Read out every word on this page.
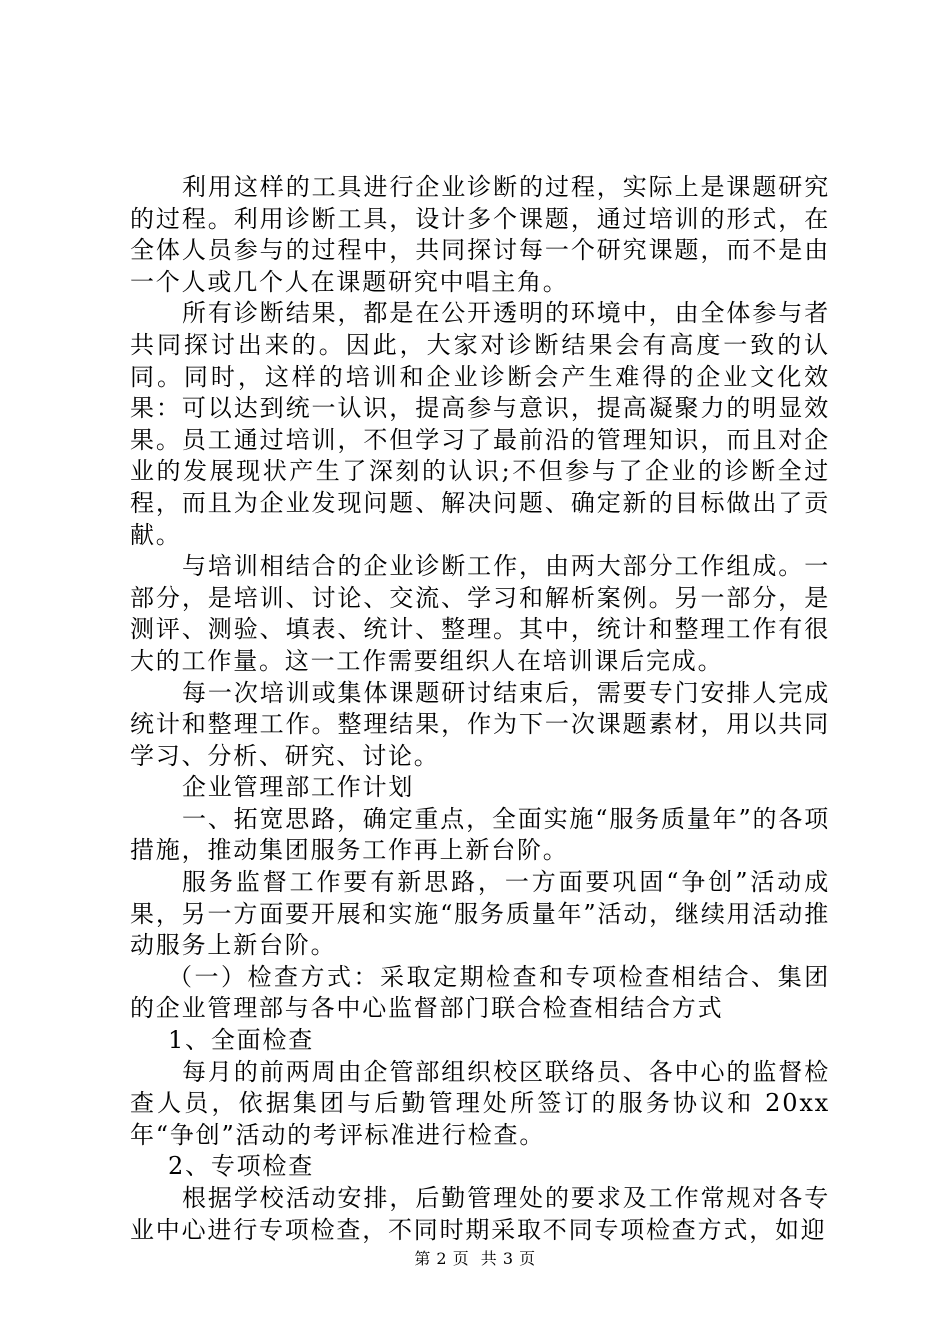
利用这样的工具进行企业诊断的过程，实际上是课题研究的过程。利用诊断工具，设计多个课题，通过培训的形式，在全体人员参与的过程中，共同探讨每一个研究课题，而不是由一个人或几个人在课题研究中唱主角。

所有诊断结果，都是在公开透明的环境中，由全体参与者共同探讨出来的。因此，大家对诊断结果会有高度一致的认同。同时，这样的培训和企业诊断会产生难得的企业文化效果：可以达到统一认识，提高参与意识，提高凝聚力的明显效果。员工通过培训，不但学习了最前沿的管理知识，而且对企业的发展现状产生了深刻的认识;不但参与了企业的诊断全过程，而且为企业发现问题、解决问题、确定新的目标做出了贡献。

与培训相结合的企业诊断工作，由两大部分工作组成。一部分，是培训、讨论、交流、学习和解析案例。另一部分，是测评、测验、填表、统计、整理。其中，统计和整理工作有很大的工作量。这一工作需要组织人在培训课后完成。

每一次培训或集体课题研讨结束后，需要专门安排人完成统计和整理工作。整理结果，作为下一次课题素材，用以共同学习、分析、研究、讨论。

企业管理部工作计划

一、拓宽思路，确定重点，全面实施“服务质量年”的各项措施，推动集团服务工作再上新台阶。

服务监督工作要有新思路，一方面要巩固“争创”活动成果，另一方面要开展和实施“服务质量年”活动，继续用活动推动服务上新台阶。

（一）检查方式：采取定期检查和专项检查相结合、集团的企业管理部与各中心监督部门联合检查相结合方式

1、全面检查

每月的前两周由企管部组织校区联络员、各中心的监督检查人员，依据集团与后勤管理处所签订的服务协议和 20xx 年“争创”活动的考评标准进行检查。

2、专项检查

根据学校活动安排，后勤管理处的要求及工作常规对各专业中心进行专项检查，不同时期采取不同专项检查方式，如迎

第 2 页 共 3 页
